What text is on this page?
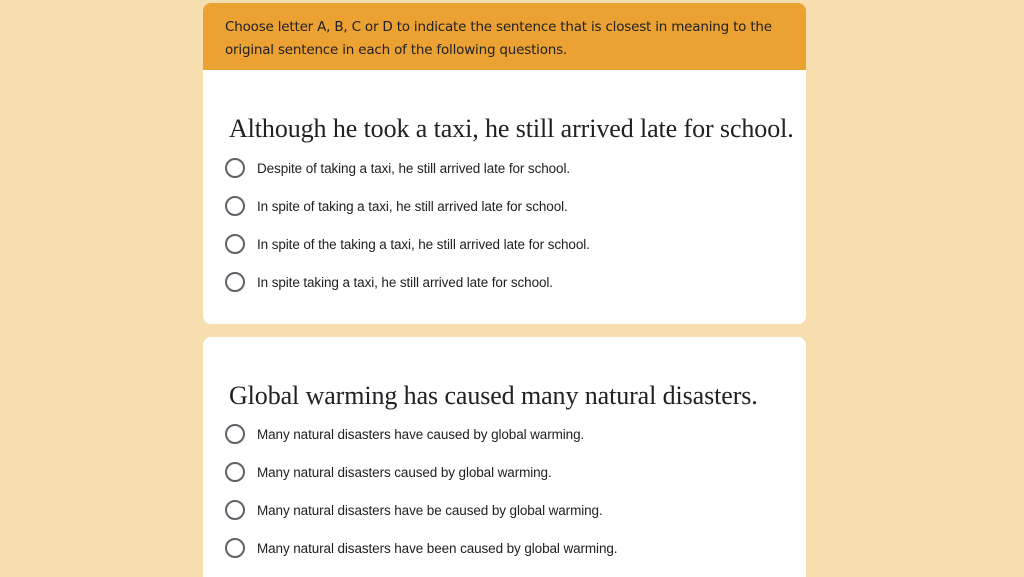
Choose letter A, B, C or D to indicate the sentence that is closest in meaning to the original sentence in each of the following questions.
Although he took a taxi, he still arrived late for school.
Despite of taking a taxi, he still arrived late for school.
In spite of taking a taxi, he still arrived late for school.
In spite of the taking a taxi, he still arrived late for school.
In spite taking a taxi, he still arrived late for school.
Global warming has caused many natural disasters.
Many natural disasters have caused by global warming.
Many natural disasters caused by global warming.
Many natural disasters have be caused by global warming.
Many natural disasters have been caused by global warming.
